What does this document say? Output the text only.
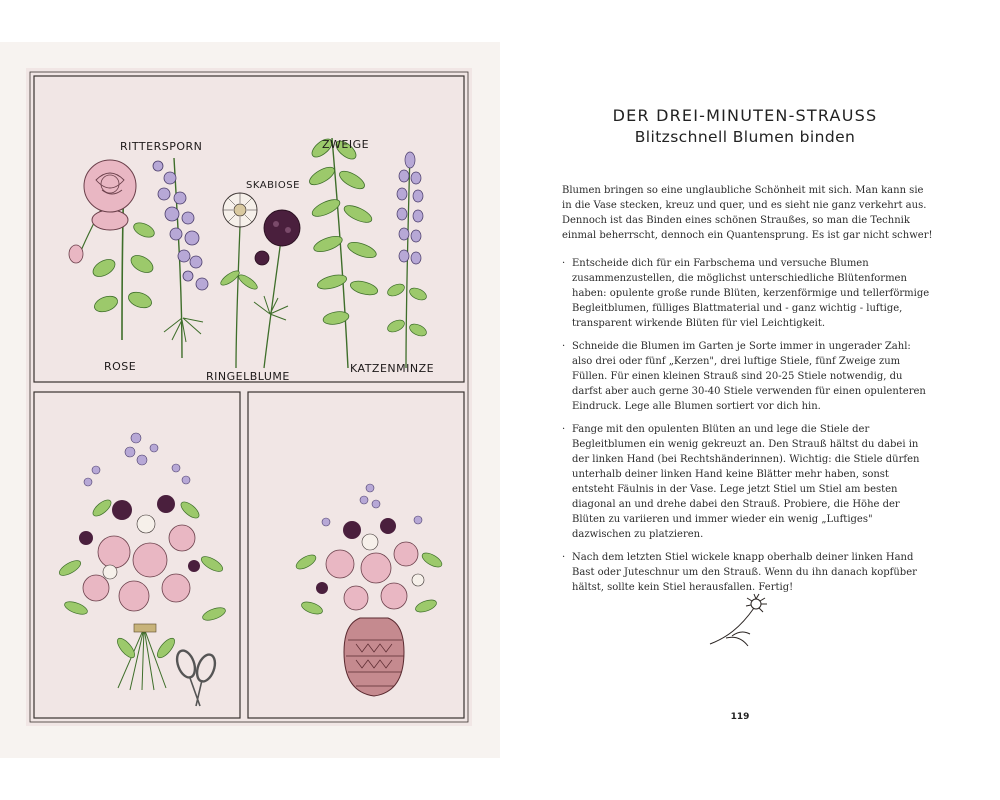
RITTERSPORN	ZWEIGE
SKABIOSE
ROSE
RINGELBLUME
KATZENMINZE
DER DREI-MINUTEN-STRAUSS
Blitzschnell Blumen binden

Blumen bringen so eine unglaubliche Schönheit mit sich. Man kann sie in die Vase stecken, kreuz und quer, und es sieht nie ganz verkehrt aus. Dennoch ist das Binden eines schönen Straußes, so man die Technik einmal beherrscht, dennoch ein Quantensprung. Es ist gar nicht schwer!

· Entscheide dich für ein Farbschema und versuche Blumen zusammenzustellen, die möglichst unterschiedliche Blütenformen haben: opulente große runde Blüten, kerzenförmige und tellerförmige Begleitblumen, fülliges Blattmaterial und - ganz wichtig - luftige, transparent wirkende Blüten für viel Leichtigkeit.
· Schneide die Blumen im Garten je Sorte immer in ungerader Zahl: also drei oder fünf „Kerzen", drei luftige Stiele, fünf Zweige zum Füllen. Für einen kleinen Strauß sind 20-25 Stiele notwendig, du darfst aber auch gerne 30-40 Stiele verwenden für einen opulenteren Eindruck. Lege alle Blumen sortiert vor dich hin.
· Fange mit den opulenten Blüten an und lege die Stiele der Begleitblumen ein wenig gekreuzt an. Den Strauß hältst du dabei in der linken Hand (bei Rechtshänderinnen). Wichtig: die Stiele dürfen unterhalb deiner linken Hand keine Blätter mehr haben, sonst entsteht Fäulnis in der Vase. Lege jetzt Stiel um Stiel am besten diagonal an und drehe dabei den Strauß. Probiere, die Höhe der Blüten zu variieren und immer wieder ein wenig „Luftiges" dazwischen zu platzieren.
· Nach dem letzten Stiel wickele knapp oberhalb deiner linken Hand Bast oder Juteschnur um den Strauß. Wenn du ihn danach kopfüber hältst, sollte kein Stiel herausfallen. Fertig!
119
